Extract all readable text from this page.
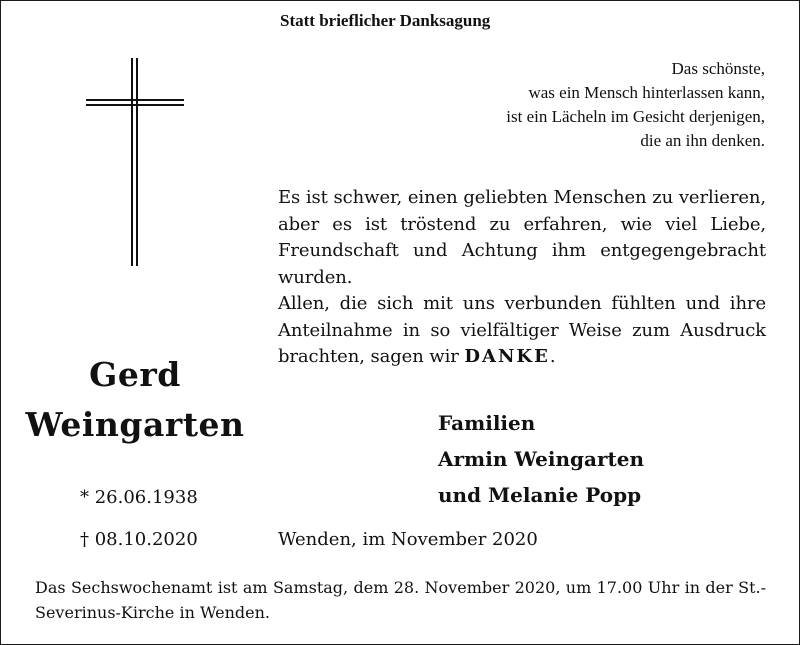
Statt brieflicher Danksagung
Das schönste,
was ein Mensch hinterlassen kann,
ist ein Lächeln im Gesicht derjenigen,
die an ihn denken.
Es ist schwer, einen geliebten Menschen zu verlieren, aber es ist tröstend zu erfahren, wie viel Liebe, Freundschaft und Achtung ihm entgegengebracht wurden.
Allen, die sich mit uns verbunden fühlten und ihre Anteilnahme in so vielfältiger Weise zum Ausdruck brachten, sagen wir DANKE.
Gerd
Weingarten
* 26.06.1938
† 08.10.2020
Familien
Armin Weingarten
und Melanie Popp
Wenden, im November 2020
Das Sechswochenamt ist am Samstag, dem 28. November 2020, um 17.00 Uhr in der St.-Severinus-Kirche in Wenden.
